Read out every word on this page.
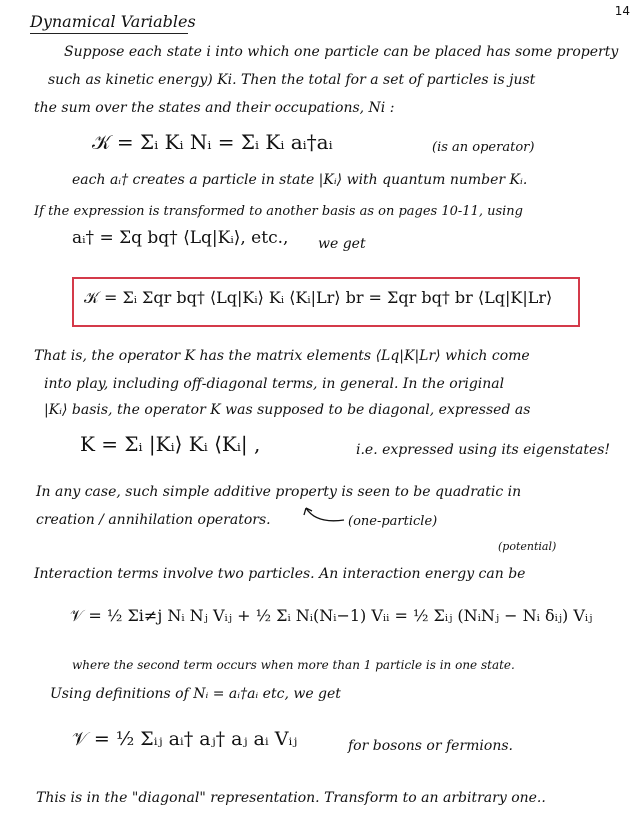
14
Dynamical Variables
Suppose each state i into which one particle can be placed has some property
such as kinetic energy) Ki. Then the total for a set of particles is just
the sum over the states and their occupations, Ni :
𝒦 = Σᵢ Kᵢ Nᵢ = Σᵢ Kᵢ aᵢ†aᵢ	(is an operator)
each aᵢ† creates a particle in state |Kᵢ⟩ with quantum number Kᵢ.
If the expression is transformed to another basis as on pages 10-11, using
aᵢ† = Σq bq† ⟨Lq|Kᵢ⟩, etc., we get
𝒦 = Σᵢ Σqr bq† ⟨Lq|Kᵢ⟩ Kᵢ ⟨Kᵢ|Lr⟩ br = Σqr bq† br ⟨Lq|K|Lr⟩
That is, the operator K has the matrix elements ⟨Lq|K|Lr⟩ which come
into play, including off-diagonal terms, in general. In the original
|Kᵢ⟩ basis, the operator K was supposed to be diagonal, expressed as
K = Σᵢ |Kᵢ⟩ Kᵢ ⟨Kᵢ| ,	i.e. expressed using its eigenstates!
In any case, such simple additive property is seen to be quadratic in
creation / annihilation operators.	(one-particle)
(potential)
Interaction terms involve two particles. An interaction energy can be
𝒱 = ½ Σi≠j Nᵢ Nⱼ Vᵢⱼ + ½ Σᵢ Nᵢ(Nᵢ−1) Vᵢᵢ = ½ Σᵢⱼ (NᵢNⱼ − Nᵢ δᵢⱼ) Vᵢⱼ
where the second term occurs when more than 1 particle is in one state.
Using definitions of Nᵢ = aᵢ†aᵢ etc, we get
𝒱 = ½ Σᵢⱼ aᵢ† aⱼ† aⱼ aᵢ Vᵢⱼ	for bosons or fermions.
This is in the "diagonal" representation. Transform to an arbitrary one..
